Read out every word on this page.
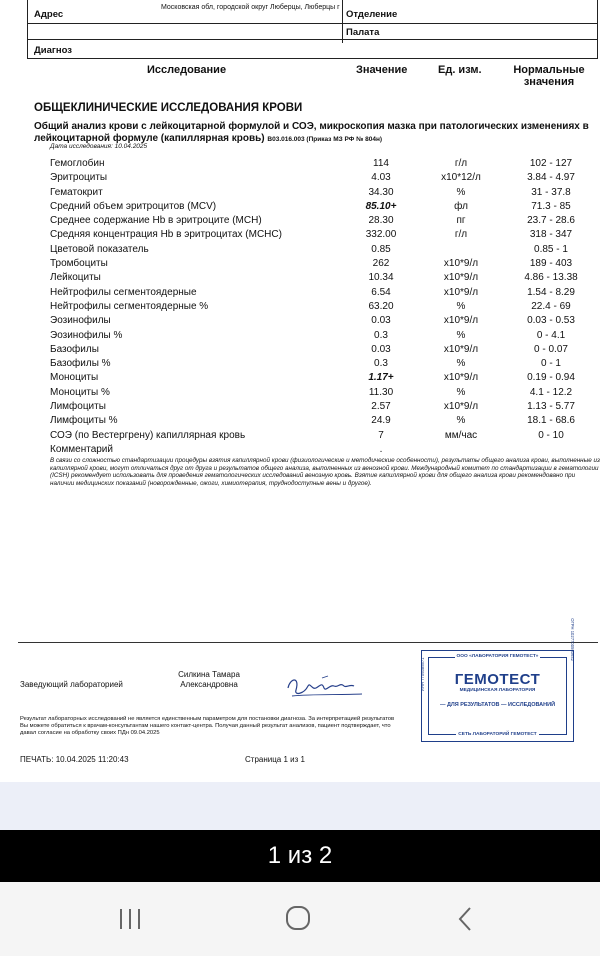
Адрес
Московская обл, городской округ Люберцы, Люберцы г
Отделение
Палата
Диагноз
Исследование	Значение	Ед. изм.	Нормальные значения
ОБЩЕКЛИНИЧЕСКИЕ ИССЛЕДОВАНИЯ КРОВИ
Общий анализ крови с лейкоцитарной формулой и СОЭ, микроскопия мазка при патологических изменениях в лейкоцитарной формуле (капиллярная кровь) B03.016.003 (Приказ МЗ РФ № 804н)
Дата исследования: 10.04.2025
Гемоглобин	114	г/л	102 - 127
Эритроциты	4.03	x10*12/л	3.84 - 4.97
Гематокрит	34.30	%	31 - 37.8
Средний объем эритроцитов (MCV)	85.10+	фл	71.3 - 85
Среднее содержание Hb в эритроците (MCH)	28.30	пг	23.7 - 28.6
Средняя концентрация Hb в эритроцитах (MCHC)	332.00	г/л	318 - 347
Цветовой показатель	0.85	0.85 - 1
Тромбоциты	262	x10*9/л	189 - 403
Лейкоциты	10.34	x10*9/л	4.86 - 13.38
Нейтрофилы сегментоядерные	6.54	x10*9/л	1.54 - 8.29
Нейтрофилы сегментоядерные %	63.20	%	22.4 - 69
Эозинофилы	0.03	x10*9/л	0.03 - 0.53
Эозинофилы %	0.3	%	0 - 4.1
Базофилы	0.03	x10*9/л	0 - 0.07
Базофилы %	0.3	%	0 - 1
Моноциты	1.17+	x10*9/л	0.19 - 0.94
Моноциты %	11.30	%	4.1 - 12.2
Лимфоциты	2.57	x10*9/л	1.13 - 5.77
Лимфоциты %	24.9	%	18.1 - 68.6
СОЭ (по Вестергрену) капиллярная кровь	7	мм/час	0 - 10
Комментарий	.
В связи со сложностью стандартизации процедуры взятия капиллярной крови (физиологические и методические особенности), результаты общего анализа крови, выполненные из капиллярной крови, могут отличаться друг от друга и результатов общего анализа, выполненных из венозной крови. Международный комитет по стандартизации в гематологии (ICSH) рекомендует использовать для проведения гематологических исследований венозную кровь. Взятие капиллярной крови для общего анализа крови рекомендовано при наличии медицинских показаний (новорожденные, ожоги, химиотерапия, труднодоступные вены и другое).
Заведующий лабораторией
Силкина Тамара Александровна
Результат лабораторных исследований не является единственным параметром для постановки диагноза. За интерпретацией результатов Вы можете обратиться к врачам-консультантам нашего контакт-центра. Получая данный результат анализов, пациент подтверждает, что давал согласие на обработку своих ПДн 09.04.2025
ПЕЧАТЬ: 10.04.2025 11:20:43	Страница 1 из 1
ООО «ЛАБОРАТОРИЯ ГЕМОТЕСТ»
ГЕМОТЕСТ
МЕДИЦИНСКАЯ ЛАБОРАТОРИЯ
— ДЛЯ РЕЗУЛЬТАТОВ — ИССЛЕДОВАНИЙ
СЕТЬ ЛАБОРАТОРИЙ ГЕМОТЕСТ
ИНН 7709385571
ОГРН 1027700593642
1 из 2
